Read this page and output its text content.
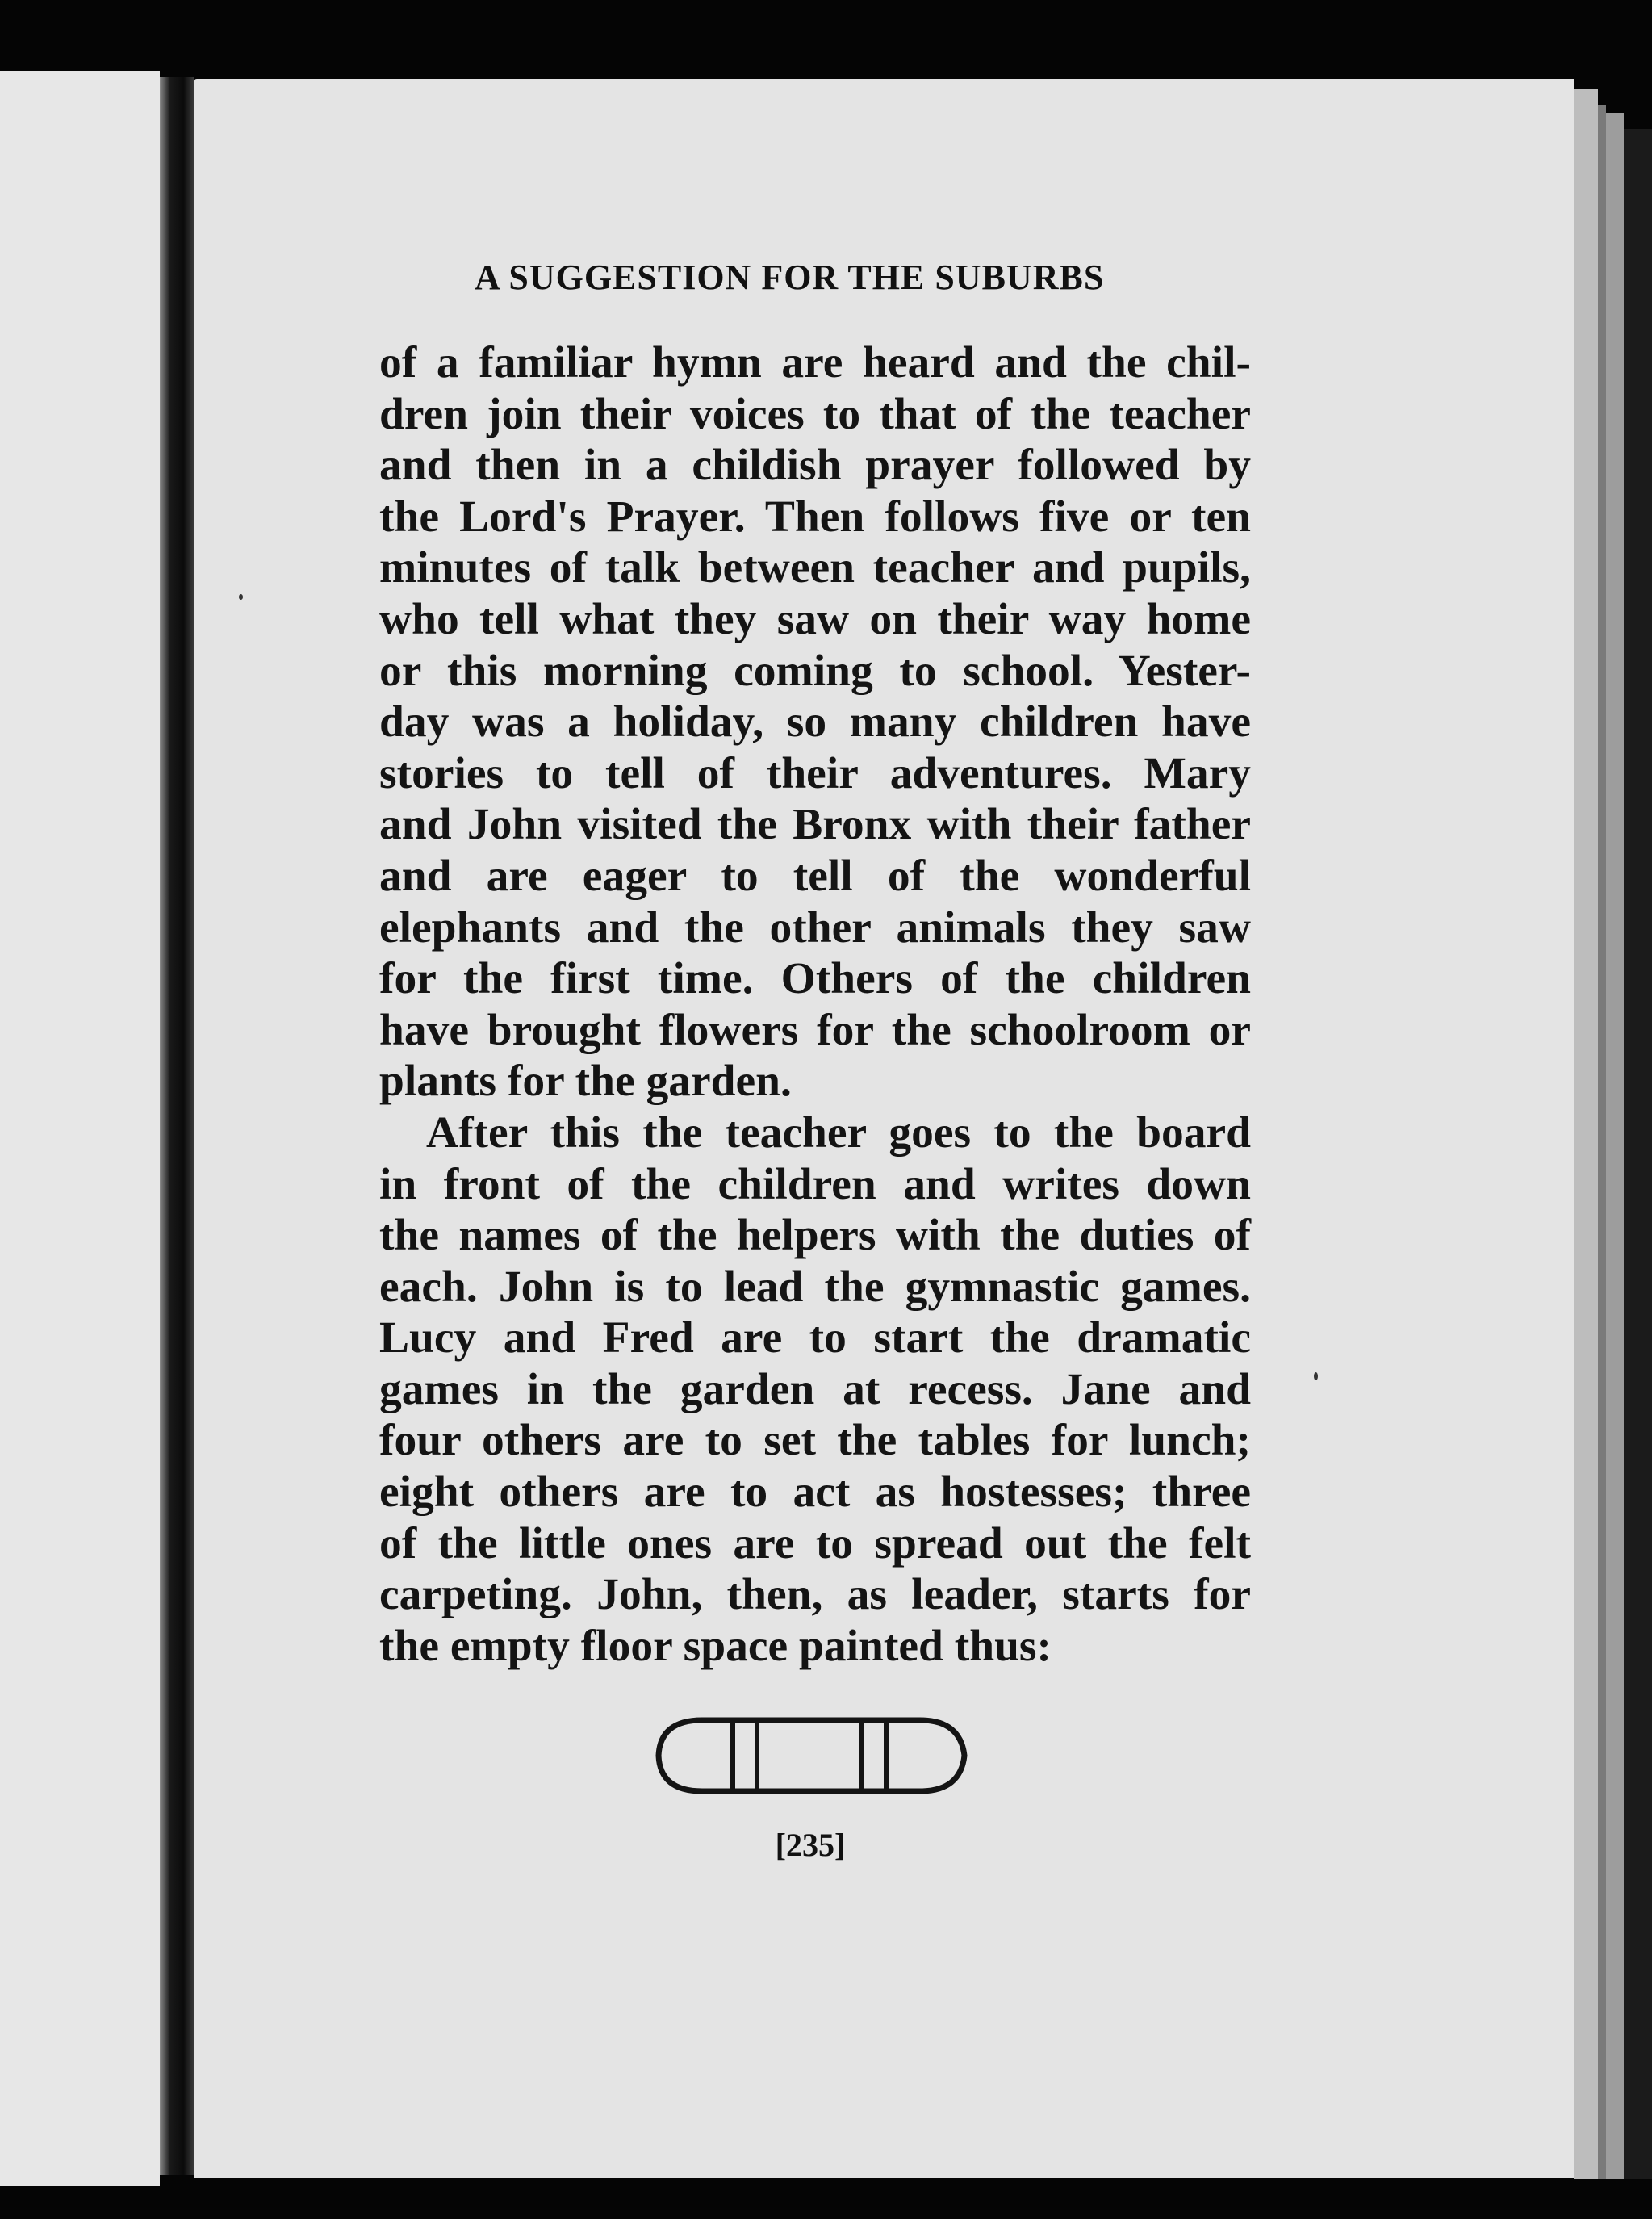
A SUGGESTION FOR THE SUBURBS
of a familiar hymn are heard and the chil-
dren join their voices to that of the teacher
and then in a childish prayer followed by
the Lord's Prayer. Then follows five or ten
minutes of talk between teacher and pupils,
who tell what they saw on their way home
or this morning coming to school. Yester-
day was a holiday, so many children have
stories to tell of their adventures. Mary
and John visited the Bronx with their father
and are eager to tell of the wonderful
elephants and the other animals they saw
for the first time. Others of the children
have brought flowers for the schoolroom or
plants for the garden.
After this the teacher goes to the board
in front of the children and writes down
the names of the helpers with the duties of
each. John is to lead the gymnastic games.
Lucy and Fred are to start the dramatic
games in the garden at recess. Jane and
four others are to set the tables for lunch;
eight others are to act as hostesses; three
of the little ones are to spread out the felt
carpeting. John, then, as leader, starts for
the empty floor space painted thus:
[235]
